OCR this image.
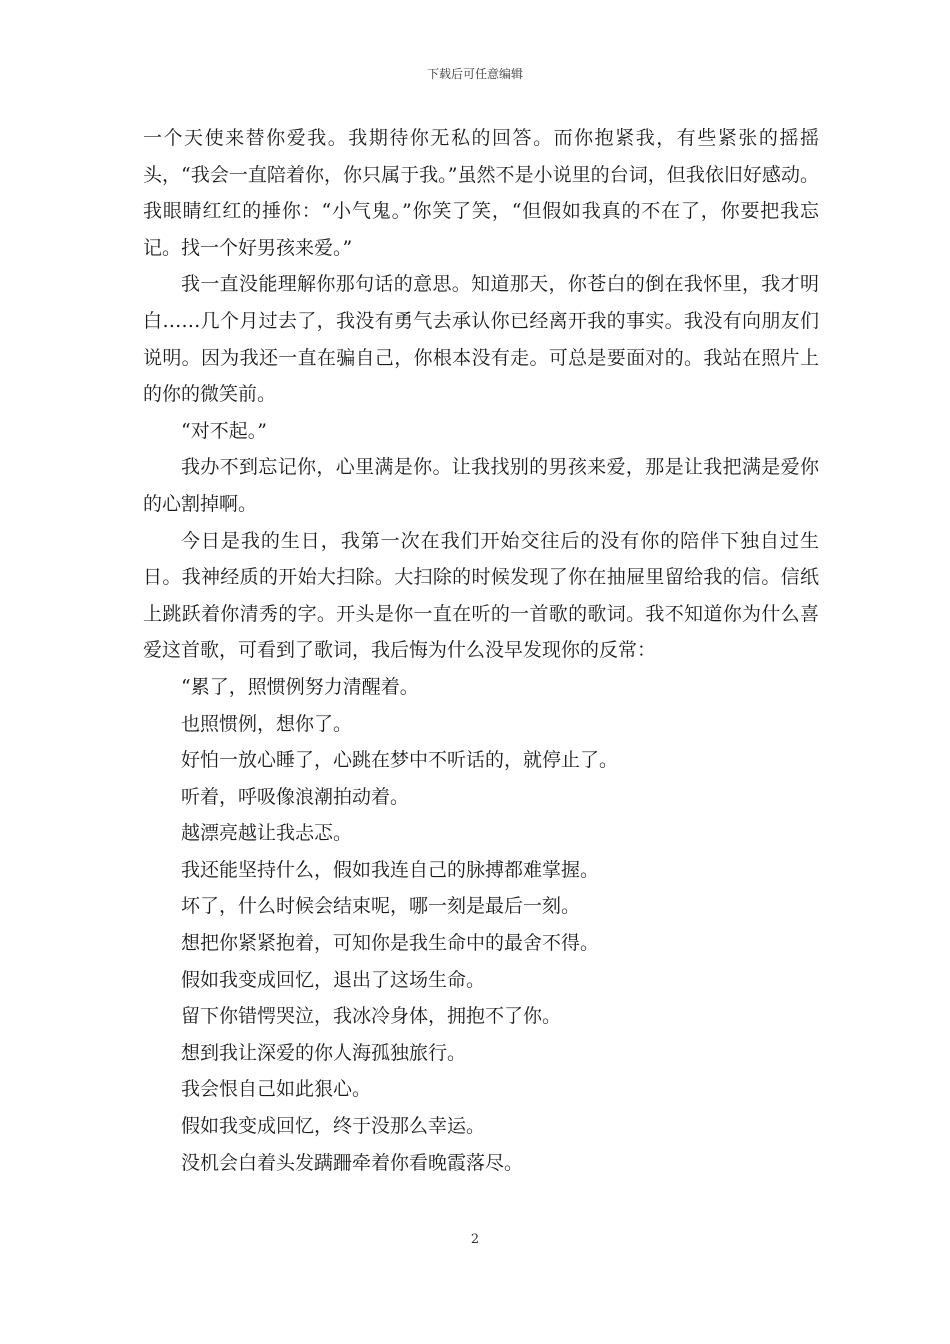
下载后可任意编辑

一个天使来替你爱我。我期待你无私的回答。而你抱紧我，有些紧张的摇摇头，“我会一直陪着你，你只属于我。”虽然不是小说里的台词，但我依旧好感动。我眼睛红红的捶你：“小气鬼。”你笑了笑，“但假如我真的不在了，你要把我忘记。找一个好男孩来爱。”

我一直没能理解你那句话的意思。知道那天，你苍白的倒在我怀里，我才明白……几个月过去了，我没有勇气去承认你已经离开我的事实。我没有向朋友们说明。因为我还一直在骗自己，你根本没有走。可总是要面对的。我站在照片上的你的微笑前。

“对不起。”

我办不到忘记你，心里满是你。让我找别的男孩来爱，那是让我把满是爱你的心割掉啊。

今日是我的生日，我第一次在我们开始交往后的没有你的陪伴下独自过生日。我神经质的开始大扫除。大扫除的时候发现了你在抽屉里留给我的信。信纸上跳跃着你清秀的字。开头是你一直在听的一首歌的歌词。我不知道你为什么喜爱这首歌，可看到了歌词，我后悔为什么没早发现你的反常：

“累了，照惯例努力清醒着。

也照惯例，想你了。

好怕一放心睡了，心跳在梦中不听话的，就停止了。

听着，呼吸像浪潮拍动着。

越漂亮越让我忐忑。

我还能坚持什么，假如我连自己的脉搏都难掌握。

坏了，什么时候会结束呢，哪一刻是最后一刻。

想把你紧紧抱着，可知你是我生命中的最舍不得。

假如我变成回忆，退出了这场生命。

留下你错愕哭泣，我冰冷身体，拥抱不了你。

想到我让深爱的你人海孤独旅行。

我会恨自己如此狠心。

假如我变成回忆，终于没那么幸运。

没机会白着头发蹒跚牵着你看晚霞落尽。

2
